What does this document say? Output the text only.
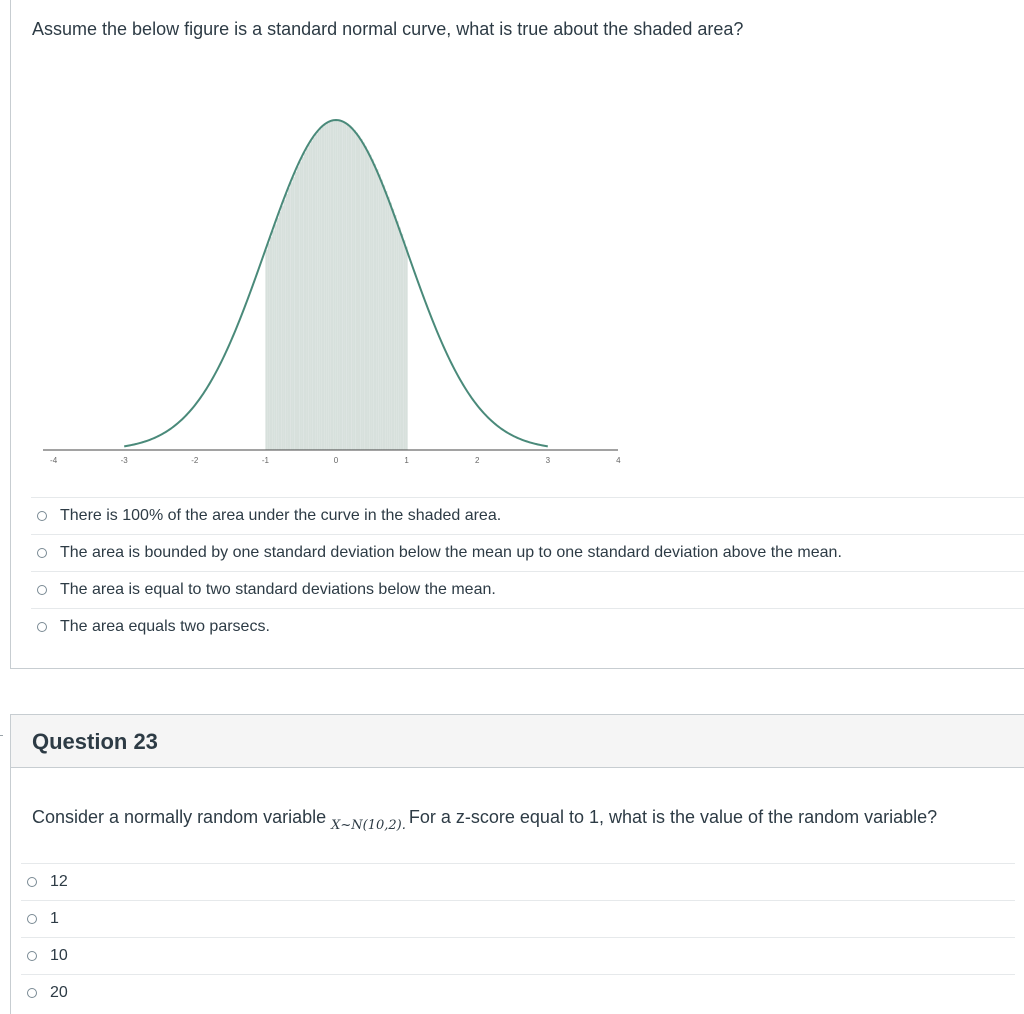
Assume the below figure is a standard normal curve, what is true about the shaded area?

-4	-3	-2	-1	0	1	2	3	4
There is 100% of the area under the curve in the shaded area.
The area is bounded by one standard deviation below the mean up to one standard deviation above the mean.
The area is equal to two standard deviations below the mean.
The area equals two parsecs.
Question 23

Consider a normally random variable $_{X\sim N(10,2).}$ For a z-score equal to 1, what is the value of the random variable?

12
1
10
20
